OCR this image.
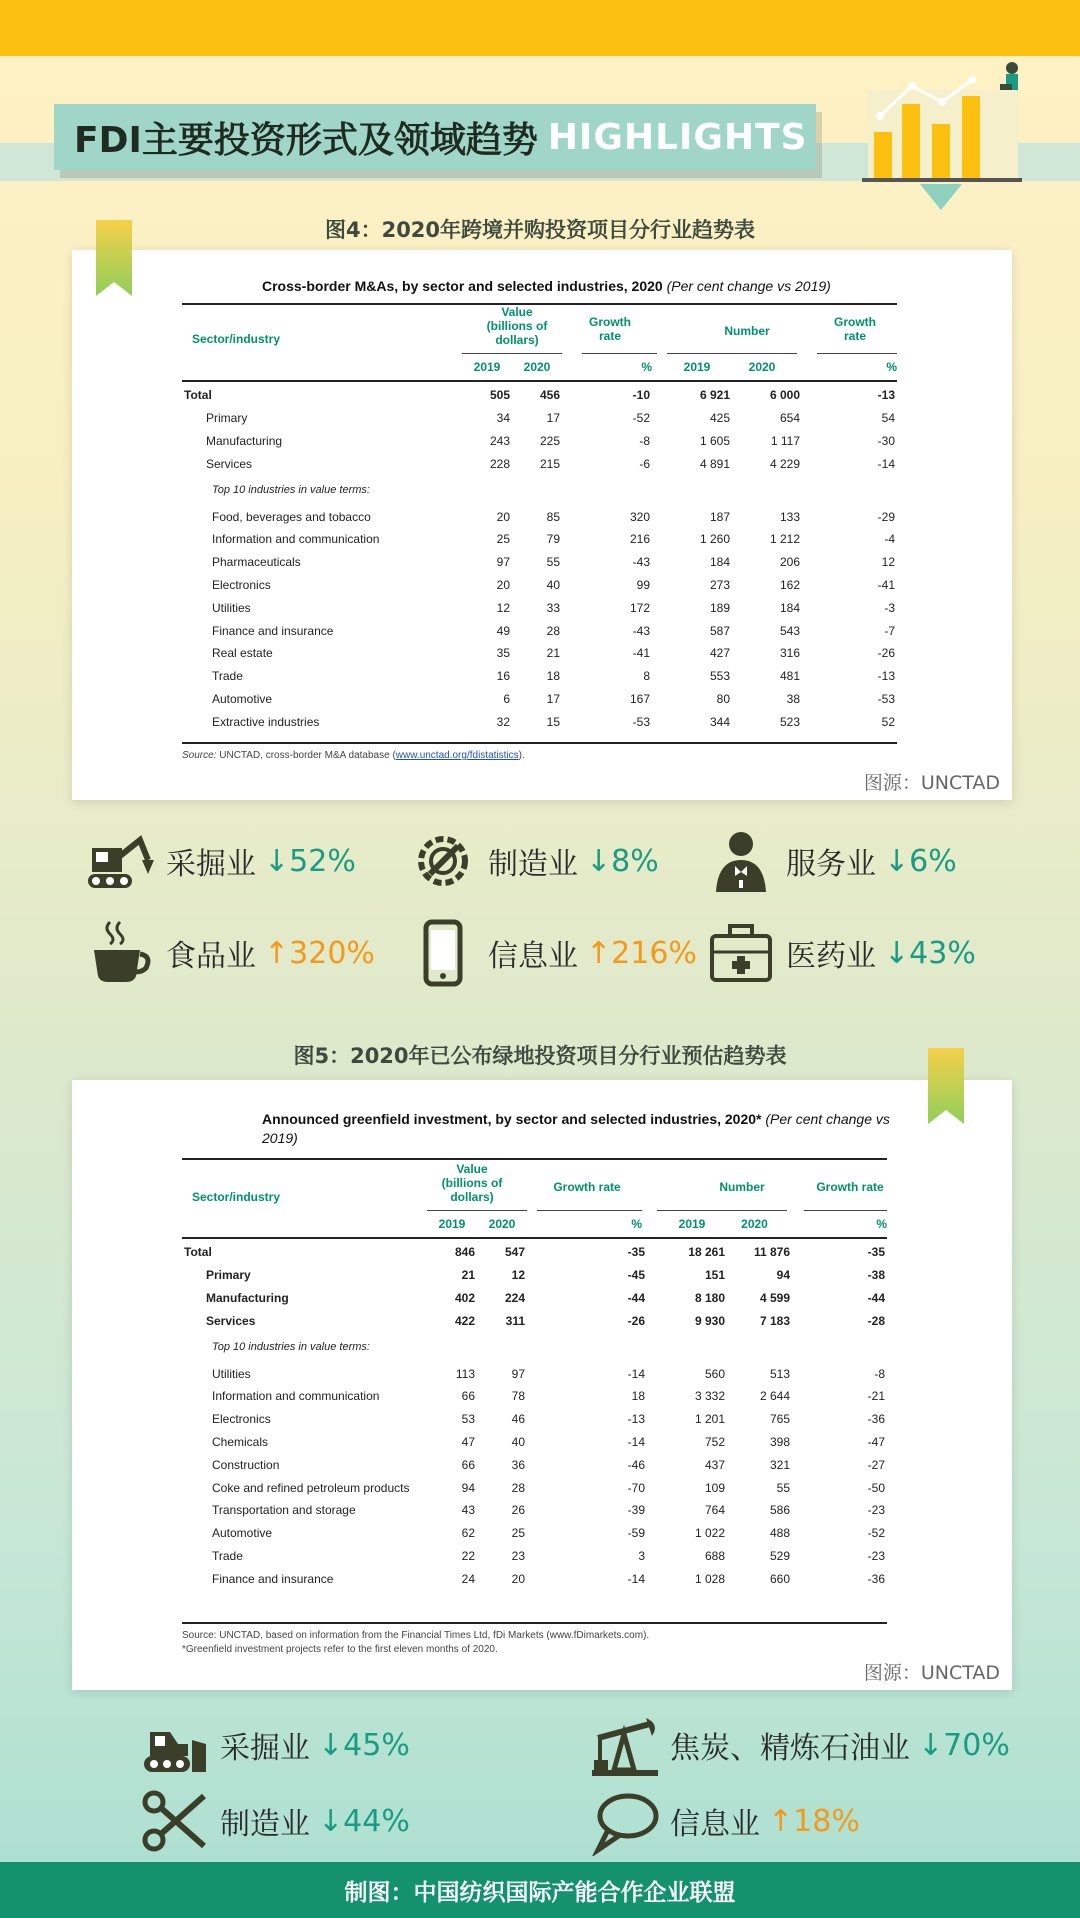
FDI主要投资形式及领域趋势 HIGHLIGHTS
图4：2020年跨境并购投资项目分行业趋势表
Cross-border M&As, by sector and selected industries, 2020 (Per cent change vs 2019)
Sector/industry
Value (billions of dollars)
Growth rate	Number
Growth rate
2019	2020	%	2019	2020	%
Total	505	456	-10	6 921	6 000	-13
Primary	34	17	-52	425	654	54
Manufacturing	243	225	-8	1 605	1 117	-30
Services	228	215	-6	4 891	4 229	-14
Top 10 industries in value terms:						
Food, beverages and tobacco	20	85	320	187	133	-29
Information and communication	25	79	216	1 260	1 212	-4
Pharmaceuticals	97	55	-43	184	206	12
Electronics	20	40	99	273	162	-41
Utilities	12	33	172	189	184	-3
Finance and insurance	49	28	-43	587	543	-7
Real estate	35	21	-41	427	316	-26
Trade	16	18	8	553	481	-13
Automotive	6	17	167	80	38	-53
Extractive industries	32	15	-53	344	523	52
Source: UNCTAD, cross-border M&A database (www.unctad.org/fdistatistics).
图源：UNCTAD
采掘业 ↓52%	制造业 ↓8%	服务业 ↓6%
食品业 ↑320%	信息业 ↑216%	医药业 ↓43%
图5：2020年已公布绿地投资项目分行业预估趋势表
Announced greenfield investment, by sector and selected industries, 2020* (Per cent change vs 2019)
Sector/industry
Value (billions of dollars)
Growth rate	Number	Growth rate
2019	2020	%	2019	2020	%
Total	846	547	-35	18 261	11 876	-35
Primary	21	12	-45	151	94	-38
Manufacturing	402	224	-44	8 180	4 599	-44
Services	422	311	-26	9 930	7 183	-28
Top 10 industries in value terms:						
Utilities	113	97	-14	560	513	-8
Information and communication	66	78	18	3 332	2 644	-21
Electronics	53	46	-13	1 201	765	-36
Chemicals	47	40	-14	752	398	-47
Construction	66	36	-46	437	321	-27
Coke and refined petroleum products	94	28	-70	109	55	-50
Transportation and storage	43	26	-39	764	586	-23
Automotive	62	25	-59	1 022	488	-52
Trade	22	23	3	688	529	-23
Finance and insurance	24	20	-14	1 028	660	-36
Source: UNCTAD, based on information from the Financial Times Ltd, fDi Markets (www.fDimarkets.com).
*Greenfield investment projects refer to the first eleven months of 2020.
图源：UNCTAD
采掘业 ↓45%	焦炭、精炼石油业 ↓70%
制造业 ↓44%	信息业 ↑18%
制图：中国纺织国际产能合作企业联盟
